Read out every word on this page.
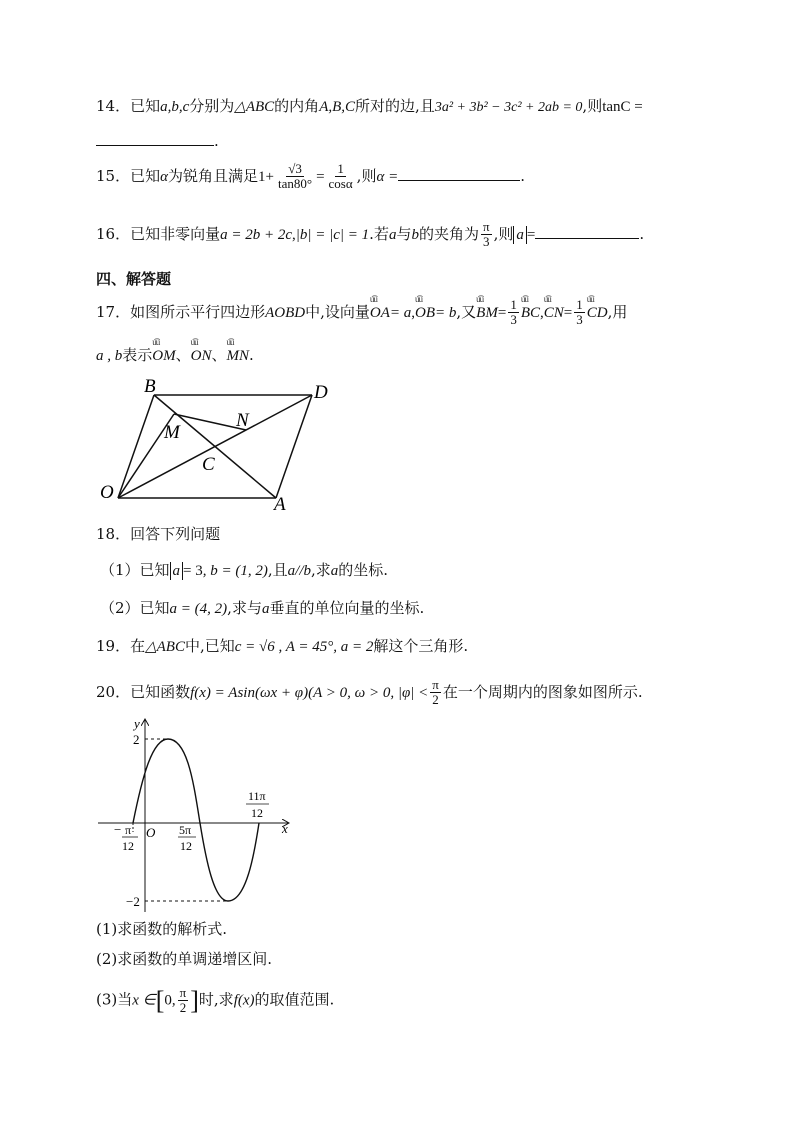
14．已知a,b,c分别为△ABC的内角A,B,C所对的边,且3a² + 3b² − 3c² + 2ab = 0,则tanC =
.
15．已知α为锐角且满足$1+ \frac{√3}{\tan 80^\circ} = \frac{1}{\cos\alpha}$ ,则α =	.
16．已知非零向量a = 2b + 2c,|b| = |c| = 1.若a与b的夹角为 $\frac{\pi}{3}$ ,则 a =	.
四、解答题
17．如图所示平行四边形AOBD中,设向量u͡u OA= a,u͡u OB= b,又u͡u $BM= \frac{1}{3}$ u͡u BC,u͡u $CN= \frac{1}{3}$ u͡u CD,用
a , b表示u͡u OM、u͡u ON、u͡u MN.
B	D
M
N
C
O
A
18．回答下列问题
（1）已知 a = 3, b = (1, 2),且a//b,求a的坐标.
（2）已知a = (4, 2),求与a垂直的单位向量的坐标.
19．在△ABC中,已知c = √6 , A = 45°, a = 2解这个三角形.
20．已知函数f(x) = Asin(ωx + φ)(A > 0, ω > 0, $|\varphi| < \frac{\pi}{2}$ 在一个周期内的图象如图所示.
y
x
O
2
−2
− π
12
5π
12
11π
12
(1)求函数的解析式.
(2)求函数的单调递增区间.
(3)当x ∈[0, $\frac{\pi}{2}$ ]时,求f(x)的取值范围.
